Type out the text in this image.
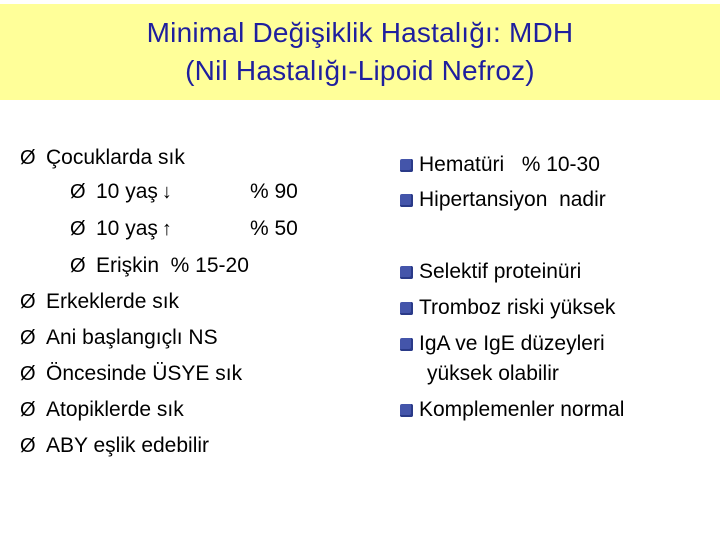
Minimal Değişiklik Hastalığı: MDH
(Nil Hastalığı-Lipoid Nefroz)
Ø Çocuklarda sık
Ø 10 yaş ↓	% 90
Ø 10 yaş ↑	% 50
Ø Erişkin  % 15-20
Ø Erkeklerde sık
Ø Ani başlangıçlı NS
Ø Öncesinde ÜSYE sık
Ø Atopiklerde sık
Ø ABY eşlik edebilir
Hematüri   % 10-30
Hipertansiyon  nadir
Selektif proteinüri
Tromboz riski yüksek
IgA ve IgE düzeyleri
yüksek olabilir
Komplemenler normal
